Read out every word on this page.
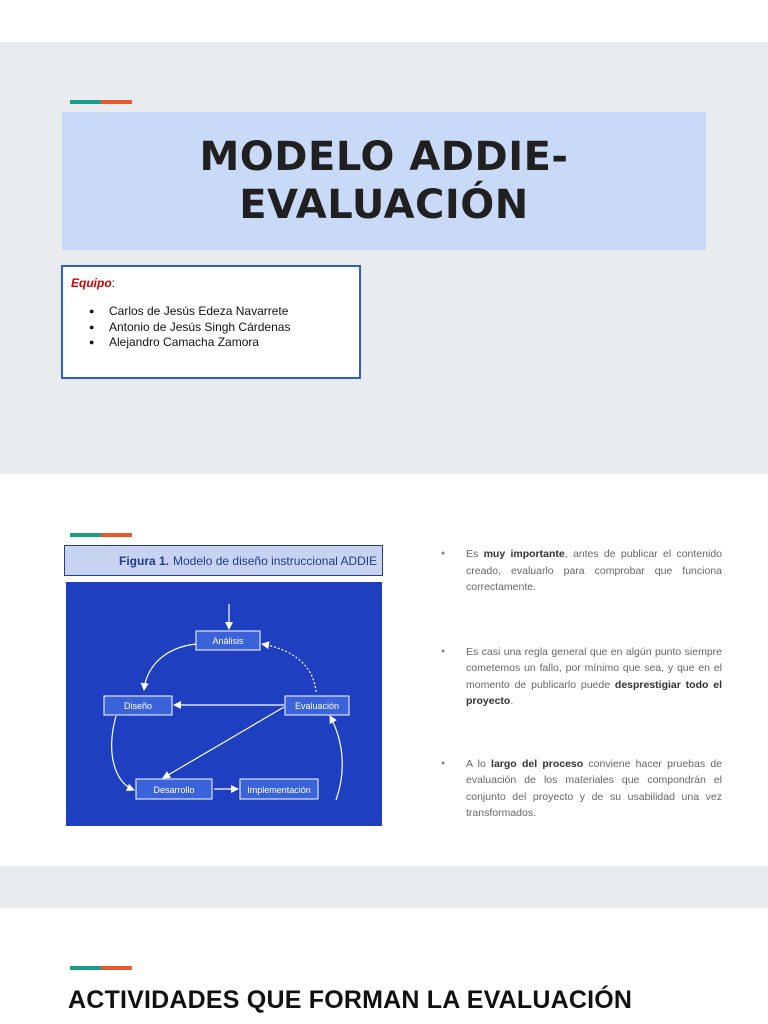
MODELO ADDIE-
EVALUACIÓN
Equipo:
● Carlos de Jesús Edeza Navarrete
● Antonio de Jesús Singh Cárdenas
● Alejandro Camacha Zamora
Figura 1. Modelo de diseño instruccional ADDIE
Análisis
Diseño	Evaluación
Desarrollo	Implementación
● Es muy importante, antes de publicar el contenido creado, evaluarlo para comprobar que funciona correctamente.
● Es casi una regla general que en algún punto siempre cometemos un fallo, por mínimo que sea, y que en el momento de publicarlo puede desprestigiar todo el proyecto.
● A lo largo del proceso conviene hacer pruebas de evaluación de los materiales que compondrán el conjunto del proyecto y de su usabilidad una vez transformados.
ACTIVIDADES QUE FORMAN LA EVALUACIÓN
